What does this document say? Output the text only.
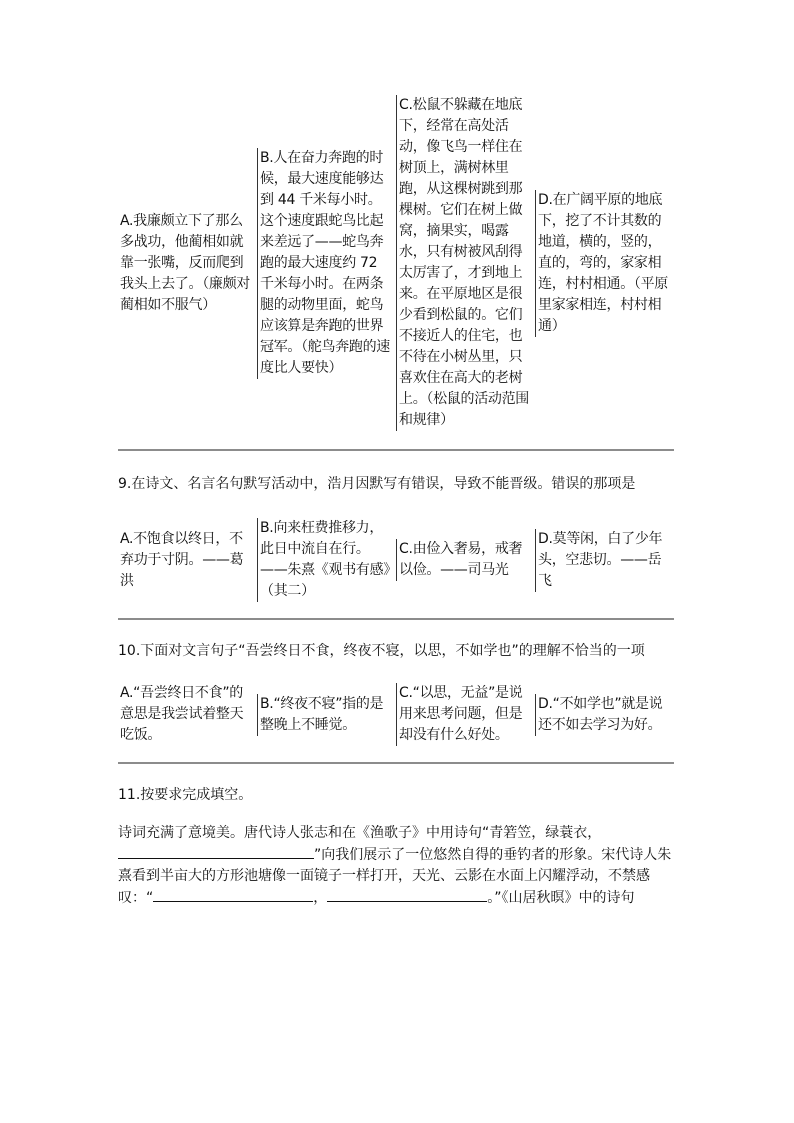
A.我廉颇立下了那么多战功，他蔺相如就靠一张嘴，反而爬到我头上去了。（廉颇对蔺相如不服气）
B.人在奋力奔跑的时候，最大速度能够达到 44 千米每小时。这个速度跟蛇鸟比起来差远了——蛇鸟奔跑的最大速度约 72 千米每小时。在两条腿的动物里面，蛇鸟应该算是奔跑的世界冠军。（舵鸟奔跑的速度比人要快）
C.松鼠不躲藏在地底下，经常在高处活动，像飞鸟一样住在树顶上，满树林里跑，从这棵树跳到那棵树。它们在树上做窝，摘果实，喝露水，只有树被风刮得太厉害了，才到地上来。在平原地区是很少看到松鼠的。它们不接近人的住宅，也不待在小树丛里，只喜欢住在高大的老树上。（松鼠的活动范围和规律）
D.在广阔平原的地底下，挖了不计其数的地道，横的，竖的，直的，弯的，家家相连，村村相通。（平原里家家相连，村村相通）

9.在诗文、名言名句默写活动中，浩月因默写有错误，导致不能晋级。错误的那项是

A.不饱食以终日，不弃功于寸阴。——葛洪
B.向来枉费推移力，此日中流自在行。——朱熹《观书有感》（其二）
C.由俭入奢易，戒奢以俭。——司马光
D.莫等闲，白了少年头，空悲切。——岳飞

10.下面对文言句子“吾尝终日不食，终夜不寝，以思，不如学也”的理解不恰当的一项

A.“吾尝终日不食”的意思是我尝试着整天吃饭。
B.“终夜不寝”指的是整晚上不睡觉。
C.“以思，无益”是说用来思考问题，但是却没有什么好处。
D.“不如学也”就是说还不如去学习为好。

11.按要求完成填空。

诗词充满了意境美。唐代诗人张志和在《渔歌子》中用诗句“青箬笠，绿蓑衣，”向我们展示了一位悠然自得的垂钓者的形象。宋代诗人朱熹看到半亩大的方形池塘像一面镜子一样打开，天光、云影在水面上闪耀浮动，不禁感叹：“	，	。”《山居秋暝》中的诗句
